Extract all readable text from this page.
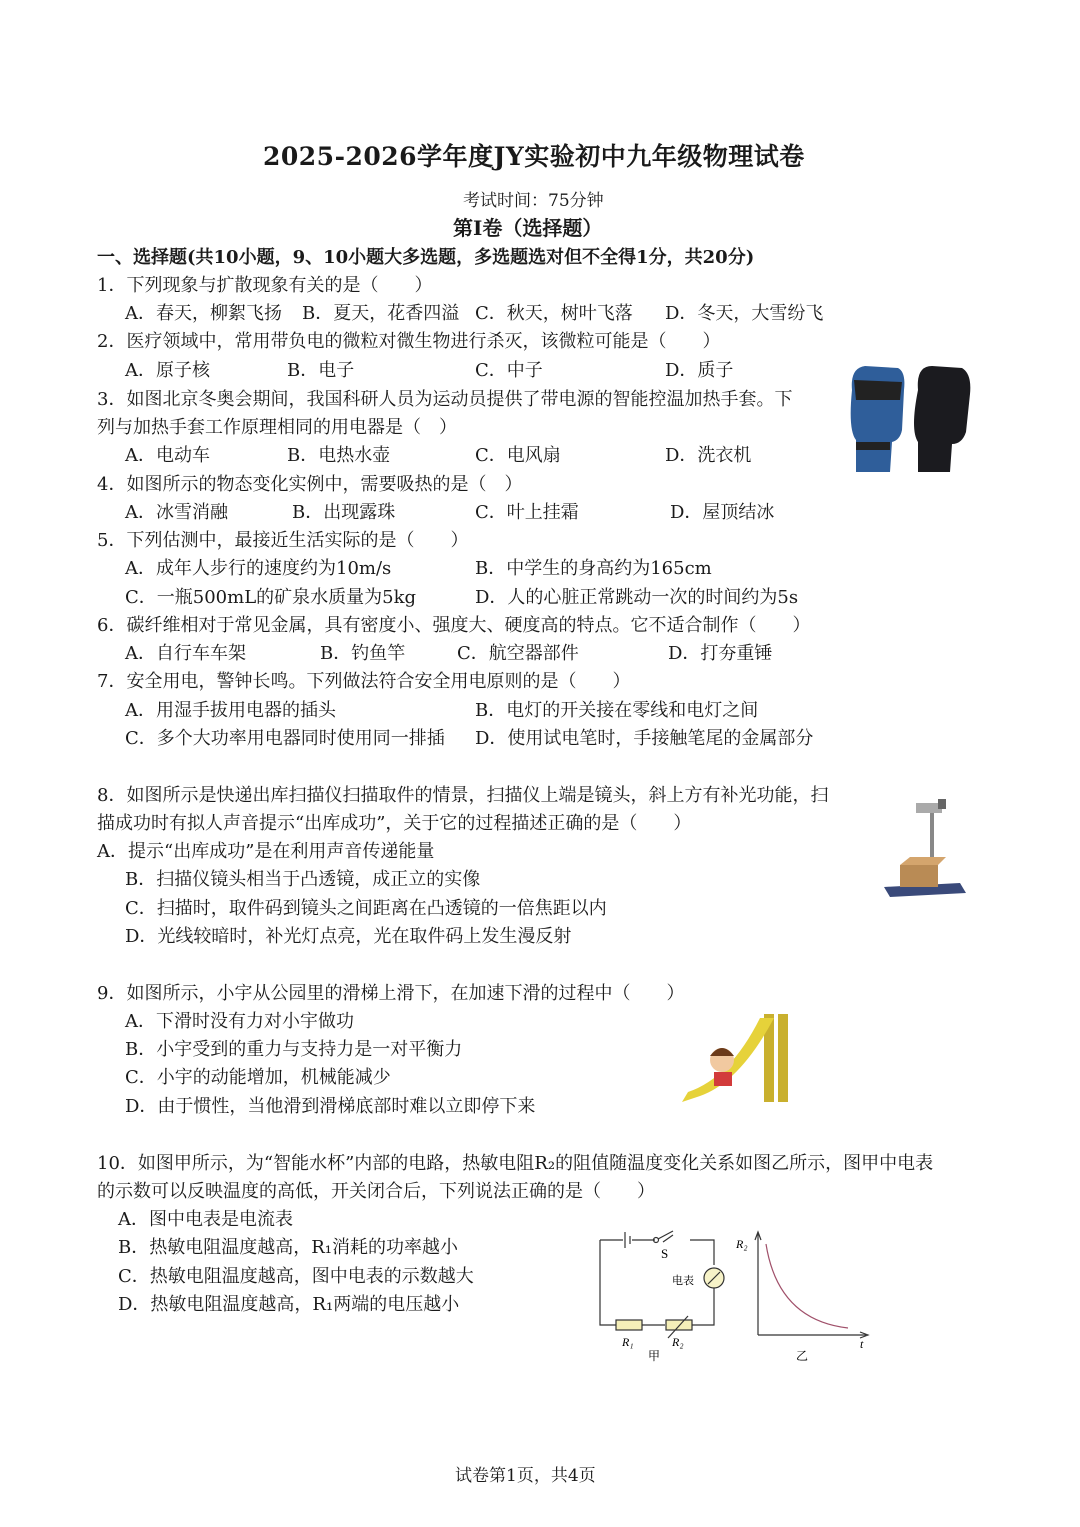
2025-2026学年度JY实验初中九年级物理试卷
考试时间：75分钟
第I卷（选择题）
一、选择题(共10小题，9、10小题大多选题，多选题选对但不全得1分，共20分)
1．下列现象与扩散现象有关的是（　　）
A．春天，柳絮飞扬 B．夏天，花香四溢 C．秋天，树叶飞落 D．冬天，大雪纷飞
2．医疗领域中，常用带负电的微粒对微生物进行杀灭，该微粒可能是（　　）
A．原子核	B．电子	C．中子	D．质子
3．如图北京冬奥会期间，我国科研人员为运动员提供了带电源的智能控温加热手套。下
列与加热手套工作原理相同的用电器是（　）
A．电动车	B．电热水壶	C．电风扇	D．洗衣机
4．如图所示的物态变化实例中，需要吸热的是（　）
A．冰雪消融	B．出现露珠	C．叶上挂霜	D．屋顶结冰
5．下列估测中，最接近生活实际的是（　　）
A．成年人步行的速度约为10m/s	B．中学生的身高约为165cm
C．一瓶500mL的矿泉水质量为5kg	D．人的心脏正常跳动一次的时间约为5s
6．碳纤维相对于常见金属，具有密度小、强度大、硬度高的特点。它不适合制作（　　）
A．自行车车架	B．钓鱼竿	C．航空器部件	D．打夯重锤
7．安全用电，警钟长鸣。下列做法符合安全用电原则的是（　　）
A．用湿手拔用电器的插头	B．电灯的开关接在零线和电灯之间
C．多个大功率用电器同时使用同一排插 D．使用试电笔时，手接触笔尾的金属部分
8．如图所示是快递出库扫描仪扫描取件的情景，扫描仪上端是镜头，斜上方有补光功能，扫
描成功时有拟人声音提示“出库成功”，关于它的过程描述正确的是（　　）
A．提示“出库成功”是在利用声音传递能量
B．扫描仪镜头相当于凸透镜，成正立的实像
C．扫描时，取件码到镜头之间距离在凸透镜的一倍焦距以内
D．光线较暗时，补光灯点亮，光在取件码上发生漫反射
9．如图所示，小宇从公园里的滑梯上滑下，在加速下滑的过程中（　　）
A．下滑时没有力对小宇做功
B．小宇受到的重力与支持力是一对平衡力
C．小宇的动能增加，机械能减少
D．由于惯性，当他滑到滑梯底部时难以立即停下来
10．如图甲所示，为“智能水杯”内部的电路，热敏电阻R₂的阻值随温度变化关系如图乙所示，图甲中电表
的示数可以反映温度的高低，开关闭合后，下列说法正确的是（　　）
A．图中电表是电流表
B．热敏电阻温度越高，R₁消耗的功率越小
C．热敏电阻温度越高，图中电表的示数越大
D．热敏电阻温度越高，R₁两端的电压越小
S
电表
R₁	R₂
甲
R₂
t
乙
试卷第1页，共4页
